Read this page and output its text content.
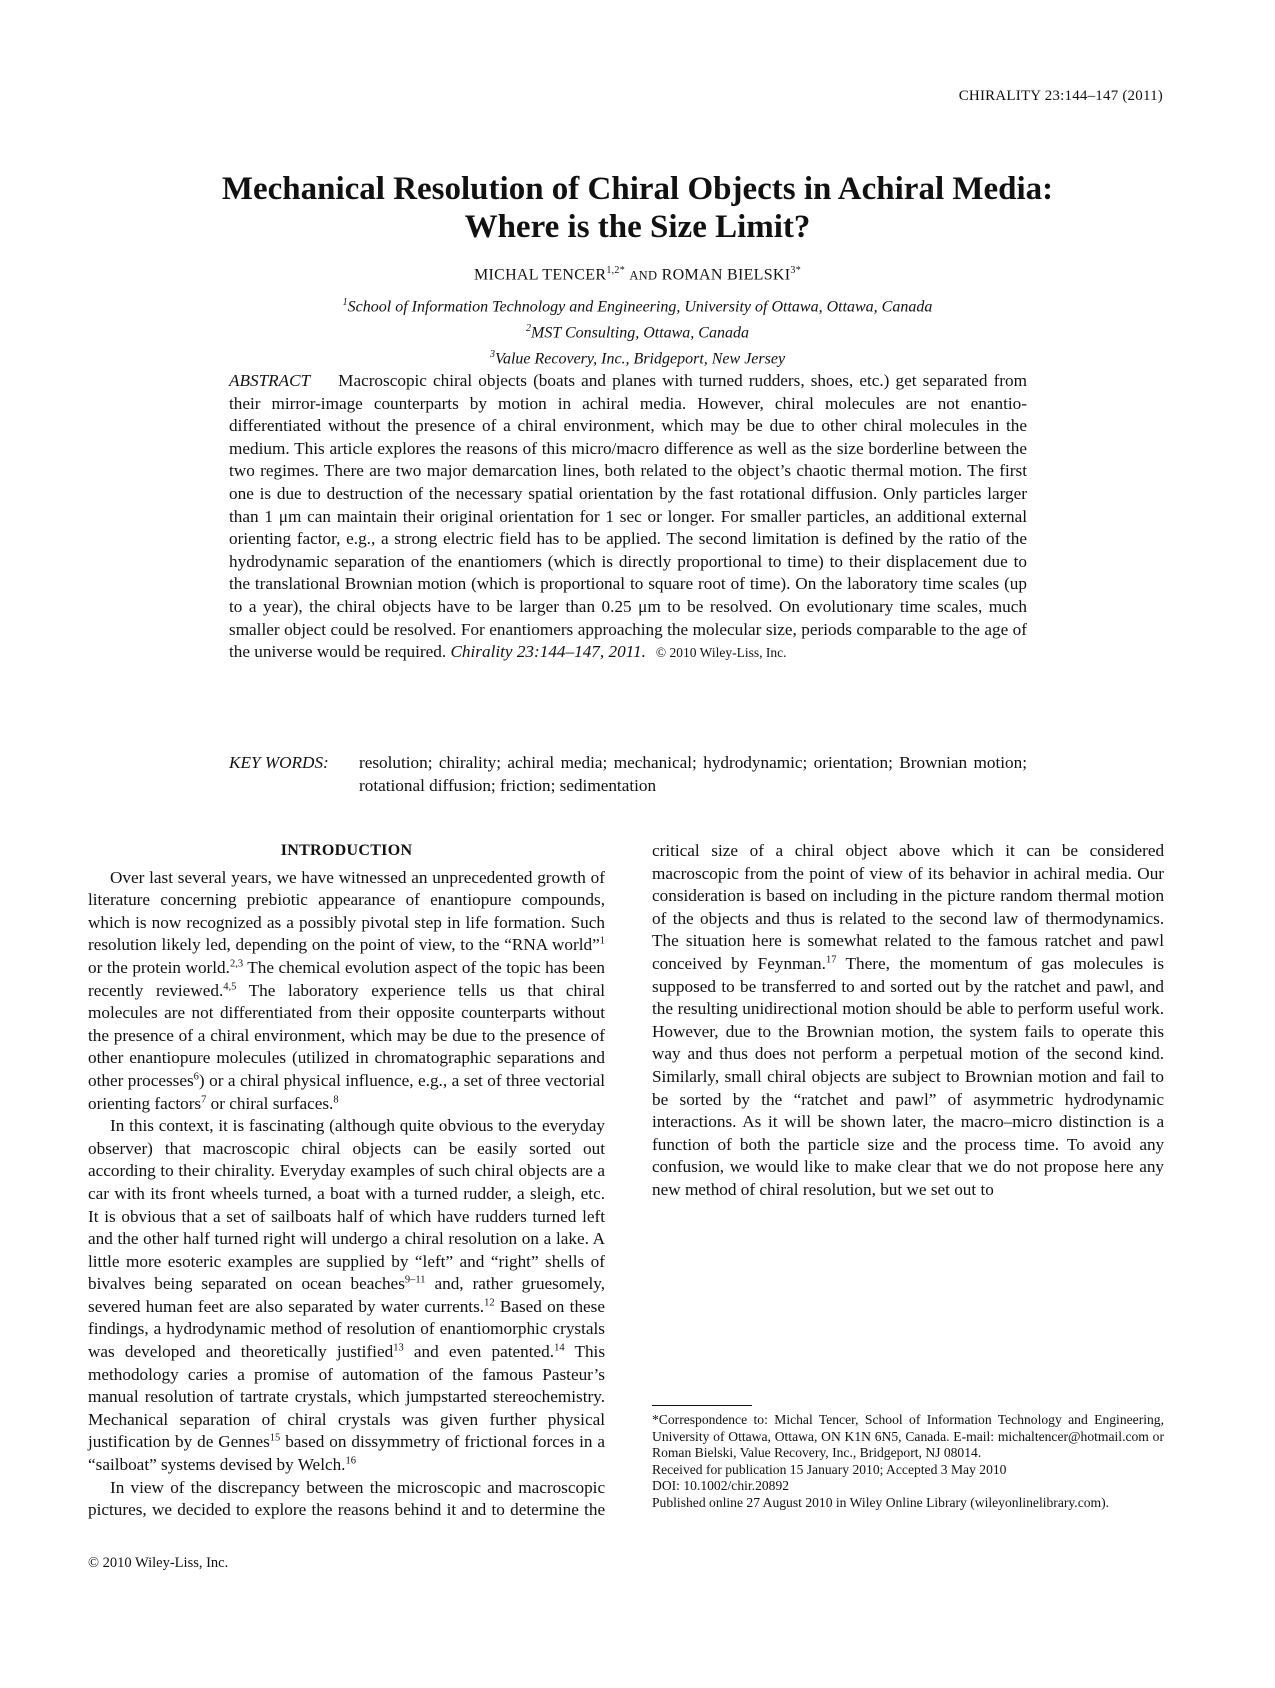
CHIRALITY 23:144–147 (2011)
Mechanical Resolution of Chiral Objects in Achiral Media:
Where is the Size Limit?
MICHAL $TENCER^{1,2*}$ AND ROMAN $BIELSKI^{3*}$
$^1$School of Information Technology and Engineering, University of Ottawa, Ottawa, Canada
$^2$MST Consulting, Ottawa, Canada
$^3$Value Recovery, Inc., Bridgeport, New Jersey

ABSTRACT Macroscopic chiral objects (boats and planes with turned rudders, shoes, etc.) get separated from their mirror-image counterparts by motion in achiral media. However, chiral molecules are not enantio-differentiated without the presence of a chiral environment, which may be due to other chiral molecules in the medium. This article explores the reasons of this micro/macro difference as well as the size borderline between the two regimes. There are two major demarcation lines, both related to the object’s chaotic thermal motion. The first one is due to destruction of the necessary spatial orientation by the fast rotational diffusion. Only particles larger than 1 μm can maintain their original orientation for 1 sec or longer. For smaller particles, an additional external orienting factor, e.g., a strong electric field has to be applied. The second limitation is defined by the ratio of the hydrodynamic separation of the enantiomers (which is directly proportional to time) to their displacement due to the translational Brownian motion (which is proportional to square root of time). On the laboratory time scales (up to a year), the chiral objects have to be larger than 0.25 μm to be resolved. On evolutionary time scales, much smaller object could be resolved. For enantiomers approaching the molecular size, periods comparable to the age of the universe would be required. Chirality 23:144–147, 2011. © 2010 Wiley-Liss, Inc.

KEY WORDS:	resolution; chirality; achiral media; mechanical; hydrodynamic; orientation; Brownian motion; rotational diffusion; friction; sedimentation
INTRODUCTION

Over last several years, we have witnessed an unprecedented growth of literature concerning prebiotic appearance of enantiopure compounds, which is now recognized as a possibly pivotal step in life formation. Such resolution likely led, depending on the point of view, to the “RNA world”$^1$ or the protein world.$^{2,3}$ The chemical evolution aspect of the topic has been recently reviewed.$^{4,5}$ The laboratory experience tells us that chiral molecules are not differentiated from their opposite counterparts without the presence of a chiral environment, which may be due to the presence of other enantiopure molecules (utilized in chromatographic separations and other processes$^6$) or a chiral physical influence, e.g., a set of three vectorial orienting factors$^7$ or chiral surfaces.$^8$

In this context, it is fascinating (although quite obvious to the everyday observer) that macroscopic chiral objects can be easily sorted out according to their chirality. Everyday examples of such chiral objects are a car with its front wheels turned, a boat with a turned rudder, a sleigh, etc. It is obvious that a set of sailboats half of which have rudders turned left and the other half turned right will undergo a chiral resolution on a lake. A little more esoteric examples are supplied by “left” and “right” shells of bivalves being separated on ocean beaches$^{9-11}$ and, rather gruesomely, severed human feet are also separated by water currents.$^{12}$ Based on these findings, a hydrodynamic method of resolution of enantiomorphic crystals was developed and theoretically justified$^{13}$ and even patented.$^{14}$ This methodology caries a promise of automation of the famous Pasteur’s manual resolution of tartrate crystals, which jumpstarted stereochemistry. Mechanical separation of chiral crystals was given further physical justification by de Gennes$^{15}$ based on dissymmetry of frictional forces in a “sailboat” systems devised by Welch.$^{16}$

In view of the discrepancy between the microscopic and macroscopic pictures, we decided to explore the reasons behind it and to determine the

critical size of a chiral object above which it can be considered macroscopic from the point of view of its behavior in achiral media. Our consideration is based on including in the picture random thermal motion of the objects and thus is related to the second law of thermodynamics. The situation here is somewhat related to the famous ratchet and pawl conceived by Feynman.$^{17}$ There, the momentum of gas molecules is supposed to be transferred to and sorted out by the ratchet and pawl, and the resulting unidirectional motion should be able to perform useful work. However, due to the Brownian motion, the system fails to operate this way and thus does not perform a perpetual motion of the second kind. Similarly, small chiral objects are subject to Brownian motion and fail to be sorted by the “ratchet and pawl” of asymmetric hydrodynamic interactions. As it will be shown later, the macro–micro distinction is a function of both the particle size and the process time. To avoid any confusion, we would like to make clear that we do not propose here any new method of chiral resolution, but we set out to

*Correspondence to: Michal Tencer, School of Information Technology and Engineering, University of Ottawa, Ottawa, ON K1N 6N5, Canada. E-mail: michaltencer@hotmail.com or Roman Bielski, Value Recovery, Inc., Bridgeport, NJ 08014.
Received for publication 15 January 2010; Accepted 3 May 2010
DOI: 10.1002/chir.20892
Published online 27 August 2010 in Wiley Online Library (wileyonlinelibrary.com).
© 2010 Wiley-Liss, Inc.
